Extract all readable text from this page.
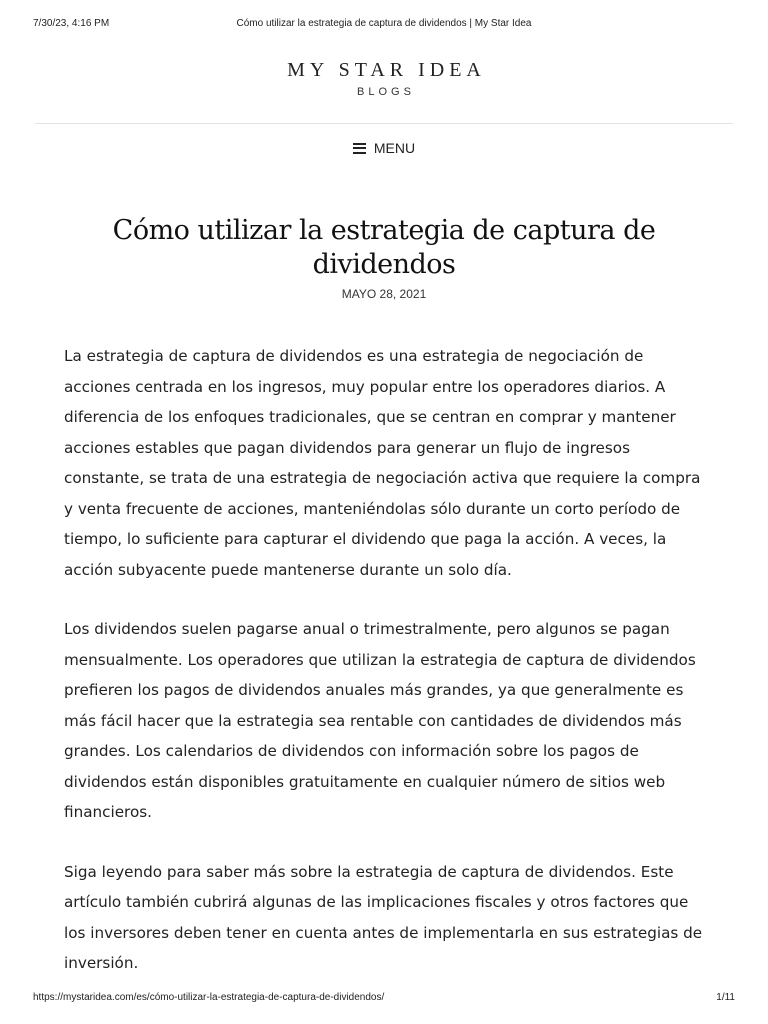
7/30/23, 4:16 PM	Cómo utilizar la estrategia de captura de dividendos | My Star Idea
MY STAR IDEA
BLOGS
MENU
Cómo utilizar la estrategia de captura de dividendos
MAYO 28, 2021

La estrategia de captura de dividendos es una estrategia de negociación de acciones centrada en los ingresos, muy popular entre los operadores diarios. A diferencia de los enfoques tradicionales, que se centran en comprar y mantener acciones estables que pagan dividendos para generar un flujo de ingresos constante, se trata de una estrategia de negociación activa que requiere la compra y venta frecuente de acciones, manteniéndolas sólo durante un corto período de tiempo, lo suficiente para capturar el dividendo que paga la acción. A veces, la acción subyacente puede mantenerse durante un solo día.

Los dividendos suelen pagarse anual o trimestralmente, pero algunos se pagan mensualmente. Los operadores que utilizan la estrategia de captura de dividendos prefieren los pagos de dividendos anuales más grandes, ya que generalmente es más fácil hacer que la estrategia sea rentable con cantidades de dividendos más grandes. Los calendarios de dividendos con información sobre los pagos de dividendos están disponibles gratuitamente en cualquier número de sitios web financieros.

Siga leyendo para saber más sobre la estrategia de captura de dividendos. Este artículo también cubrirá algunas de las implicaciones fiscales y otros factores que los inversores deben tener en cuenta antes de implementarla en sus estrategias de inversión.

https://mystaridea.com/es/cómo-utilizar-la-estrategia-de-captura-de-dividendos/	1/11
